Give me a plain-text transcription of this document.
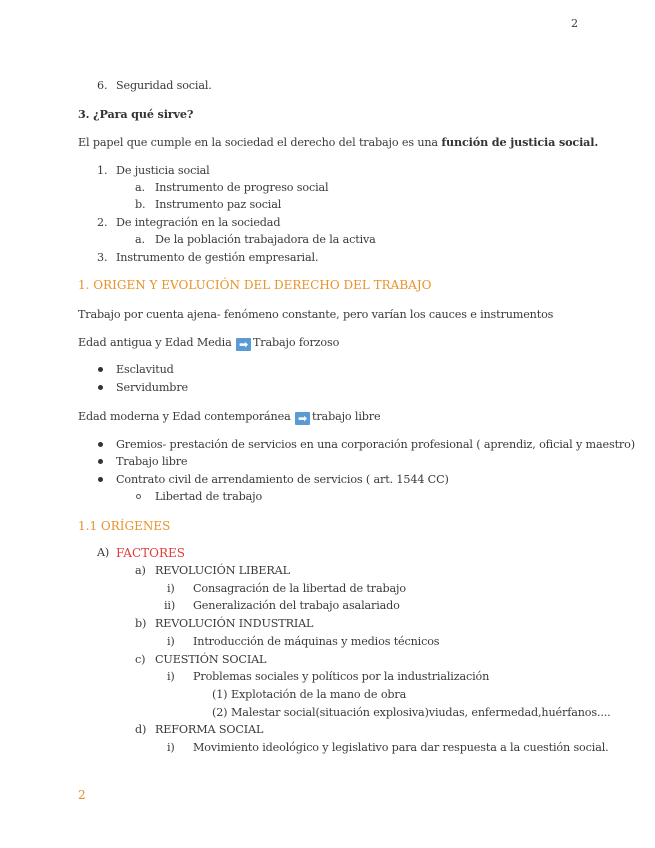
2
6. Seguridad social.
3. ¿Para qué sirve?
El papel que cumple en la sociedad el derecho del trabajo es una función de justicia social.
1. De justicia social
a. Instrumento de progreso social
b. Instrumento paz social
2. De integración en la sociedad
a. De la población trabajadora de la activa
3. Instrumento de gestión empresarial.
1. ORIGEN Y EVOLUCIÓN DEL DERECHO DEL TRABAJO
Trabajo por cuenta ajena- fenómeno constante, pero varían los cauces e instrumentos
Edad antigua y Edad Media ➡ Trabajo forzoso
Esclavitud
Servidumbre
Edad moderna y Edad contemporánea ➡ trabajo libre
Gremios- prestación de servicios en una corporación profesional ( aprendiz, oficial y maestro)
Trabajo libre
Contrato civil de arrendamiento de servicios ( art. 1544 CC)
Libertad de trabajo
1.1 ORÍGENES
A) FACTORES
a) REVOLUCIÓN LIBERAL
i) Consagración de la libertad de trabajo
ii) Generalización del trabajo asalariado
b) REVOLUCIÓN INDUSTRIAL
i) Introducción de máquinas y medios técnicos
c) CUESTIÓN SOCIAL
i) Problemas sociales y políticos por la industrialización
(1) Explotación de la mano de obra
(2) Malestar social(situación explosiva)viudas, enfermedad,huérfanos....
d) REFORMA SOCIAL
i) Movimiento ideológico y legislativo para dar respuesta a la cuestión social.
2
